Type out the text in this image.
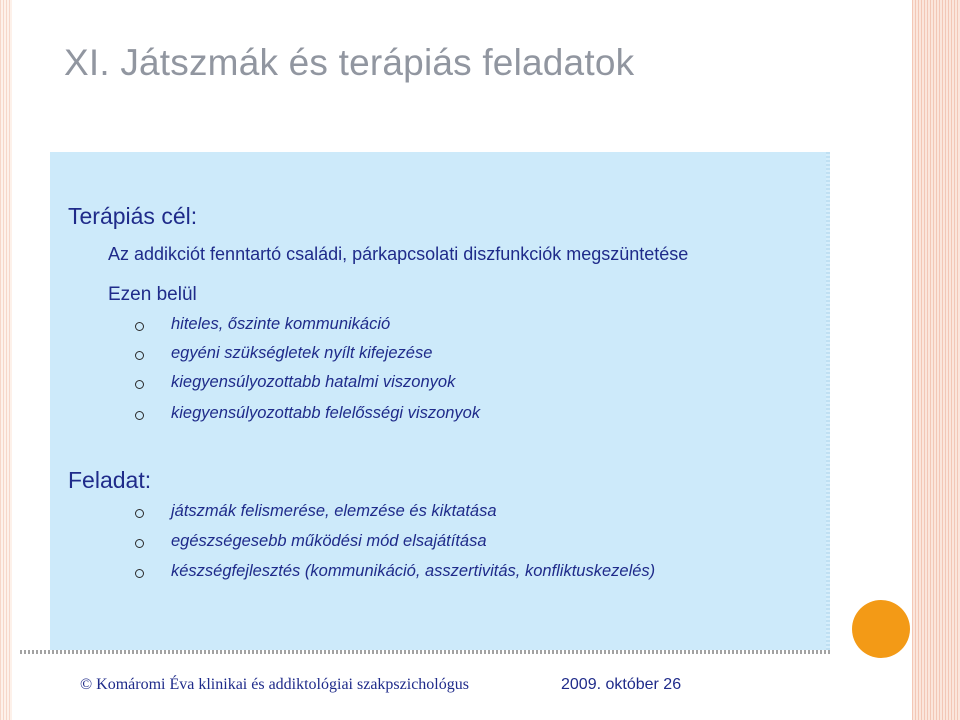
XI. Játszmák és terápiás feladatok
Terápiás cél:

Az addikciót fenntartó családi, párkapcsolati diszfunkciók megszüntetése

Ezen belül

hiteles, őszinte kommunikáció
egyéni szükségletek nyílt kifejezése
kiegyensúlyozottabb hatalmi viszonyok
kiegyensúlyozottabb felelősségi viszonyok
Feladat:
játszmák felismerése, elemzése és kiktatása
egészségesebb működési mód elsajátítása
készségfejlesztés (kommunikáció, asszertivitás, konfliktuskezelés)
© Komáromi Éva klinikai és addiktológiai szakpszichológus	2009. október 26
